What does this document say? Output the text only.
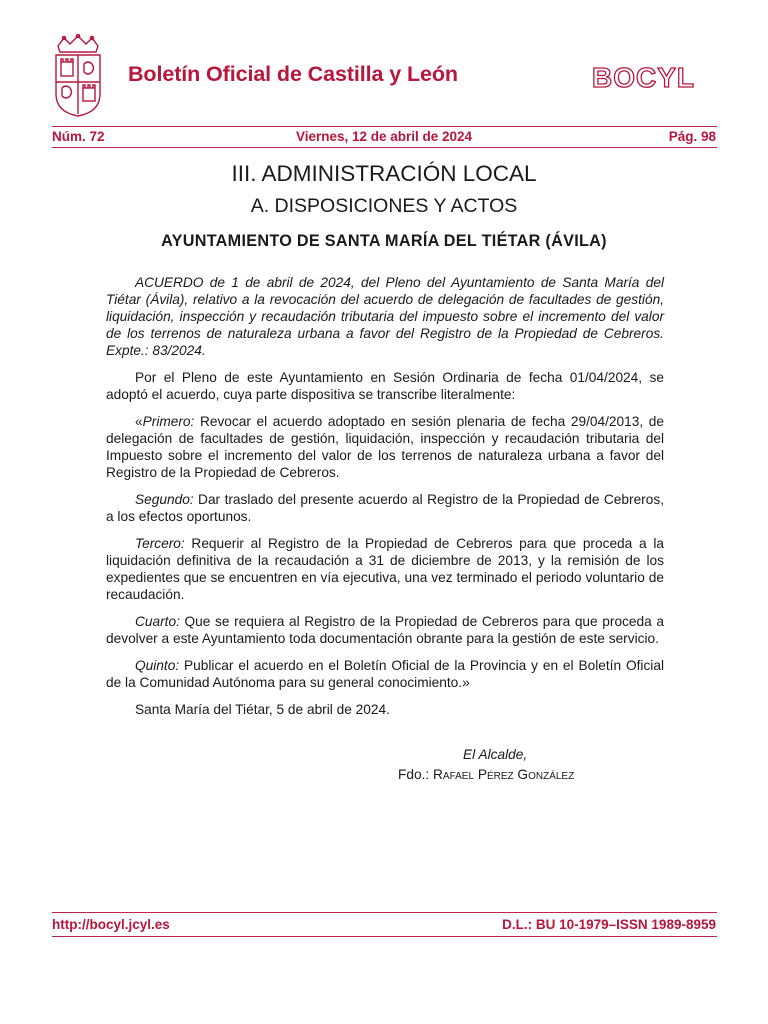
Boletín Oficial de Castilla y León	BOCYL
Núm. 72	Viernes, 12 de abril de 2024	Pág. 98
III. ADMINISTRACIÓN LOCAL
A. DISPOSICIONES Y ACTOS
AYUNTAMIENTO DE SANTA MARÍA DEL TIÉTAR (ÁVILA)

ACUERDO de 1 de abril de 2024, del Pleno del Ayuntamiento de Santa María del Tiétar (Ávila), relativo a la revocación del acuerdo de delegación de facultades de gestión, liquidación, inspección y recaudación tributaria del impuesto sobre el incremento del valor de los terrenos de naturaleza urbana a favor del Registro de la Propiedad de Cebreros. Expte.: 83/2024.

Por el Pleno de este Ayuntamiento en Sesión Ordinaria de fecha 01/04/2024, se adoptó el acuerdo, cuya parte dispositiva se transcribe literalmente:

«Primero: Revocar el acuerdo adoptado en sesión plenaria de fecha 29/04/2013, de delegación de facultades de gestión, liquidación, inspección y recaudación tributaria del Impuesto sobre el incremento del valor de los terrenos de naturaleza urbana a favor del Registro de la Propiedad de Cebreros.

Segundo: Dar traslado del presente acuerdo al Registro de la Propiedad de Cebreros, a los efectos oportunos.

Tercero: Requerir al Registro de la Propiedad de Cebreros para que proceda a la liquidación definitiva de la recaudación a 31 de diciembre de 2013, y la remisión de los expedientes que se encuentren en vía ejecutiva, una vez terminado el periodo voluntario de recaudación.

Cuarto: Que se requiera al Registro de la Propiedad de Cebreros para que proceda a devolver a este Ayuntamiento toda documentación obrante para la gestión de este servicio.

Quinto: Publicar el acuerdo en el Boletín Oficial de la Provincia y en el Boletín Oficial de la Comunidad Autónoma para su general conocimiento.»

Santa María del Tiétar, 5 de abril de 2024.

El Alcalde,
Fdo.: Rafael Pérez González
http://bocyl.jcyl.es	D.L.: BU 10-1979–ISSN 1989-8959
